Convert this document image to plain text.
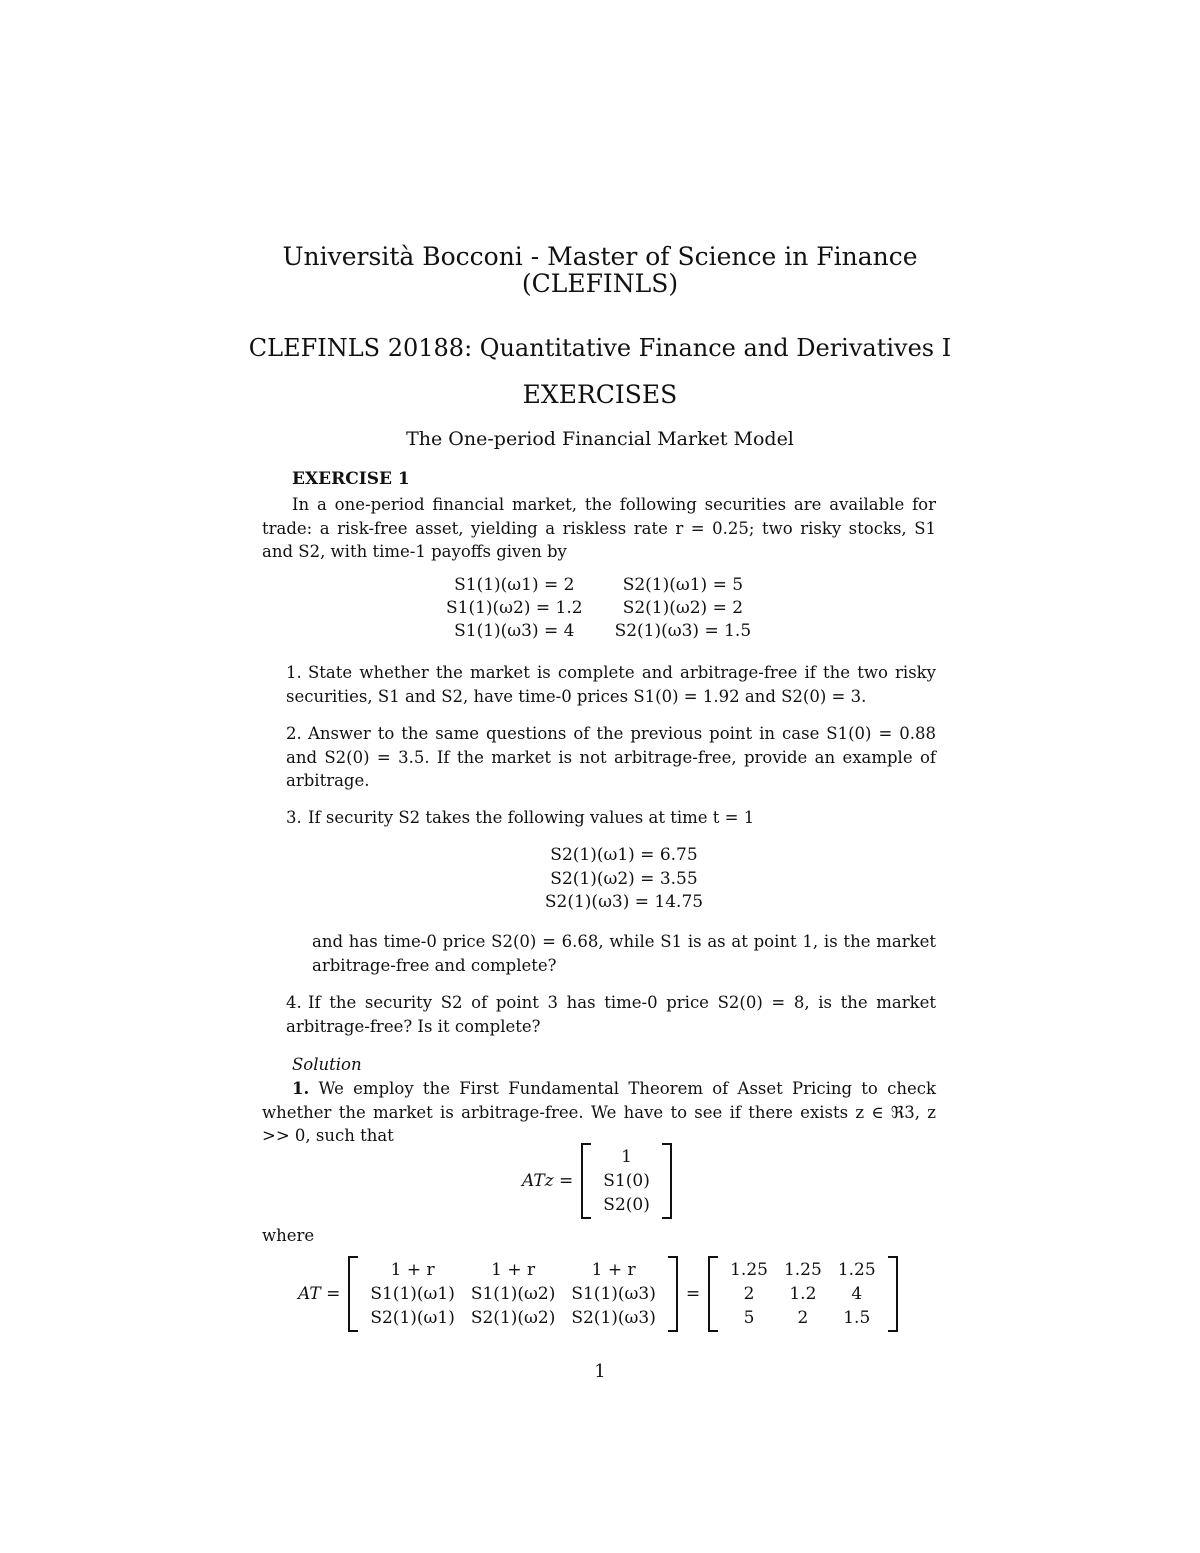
Università Bocconi - Master of Science in Finance
(CLEFINLS)
CLEFINLS 20188: Quantitative Finance and Derivatives I
EXERCISES
The One-period Financial Market Model
EXERCISE 1
In a one-period financial market, the following securities are available for trade: a risk-free asset, yielding a riskless rate r = 0.25; two risky stocks, S1 and S2, with time-1 payoffs given by
S1(1)(ω1) = 2	S2(1)(ω1) = 5
S1(1)(ω2) = 1.2	S2(1)(ω2) = 2
S1(1)(ω3) = 4	S2(1)(ω3) = 1.5
1. State whether the market is complete and arbitrage-free if the two risky securities, S1 and S2, have time-0 prices S1(0) = 1.92 and S2(0) = 3.
2. Answer to the same questions of the previous point in case S1(0) = 0.88 and S2(0) = 3.5. If the market is not arbitrage-free, provide an example of arbitrage.
3. If security S2 takes the following values at time t = 1
S2(1)(ω1) = 6.75
S2(1)(ω2) = 3.55
S2(1)(ω3) = 14.75
and has time-0 price S2(0) = 6.68, while S1 is as at point 1, is the market arbitrage-free and complete?
4. If the security S2 of point 3 has time-0 price S2(0) = 8, is the market arbitrage-free? Is it complete?
Solution
1. We employ the First Fundamental Theorem of Asset Pricing to check whether the market is arbitrage-free. We have to see if there exists z ∈ ℜ3, z >> 0, such that
ATz =
1
S1(0)
S2(0)
where
AT =
1 + r	1 + r	1 + r
S1(1)(ω1)	S1(1)(ω2)	S1(1)(ω3)
S2(1)(ω1)	S2(1)(ω2)	S2(1)(ω3)
=
1.25	1.25	1.25
2	1.2	4
5	2	1.5
1
